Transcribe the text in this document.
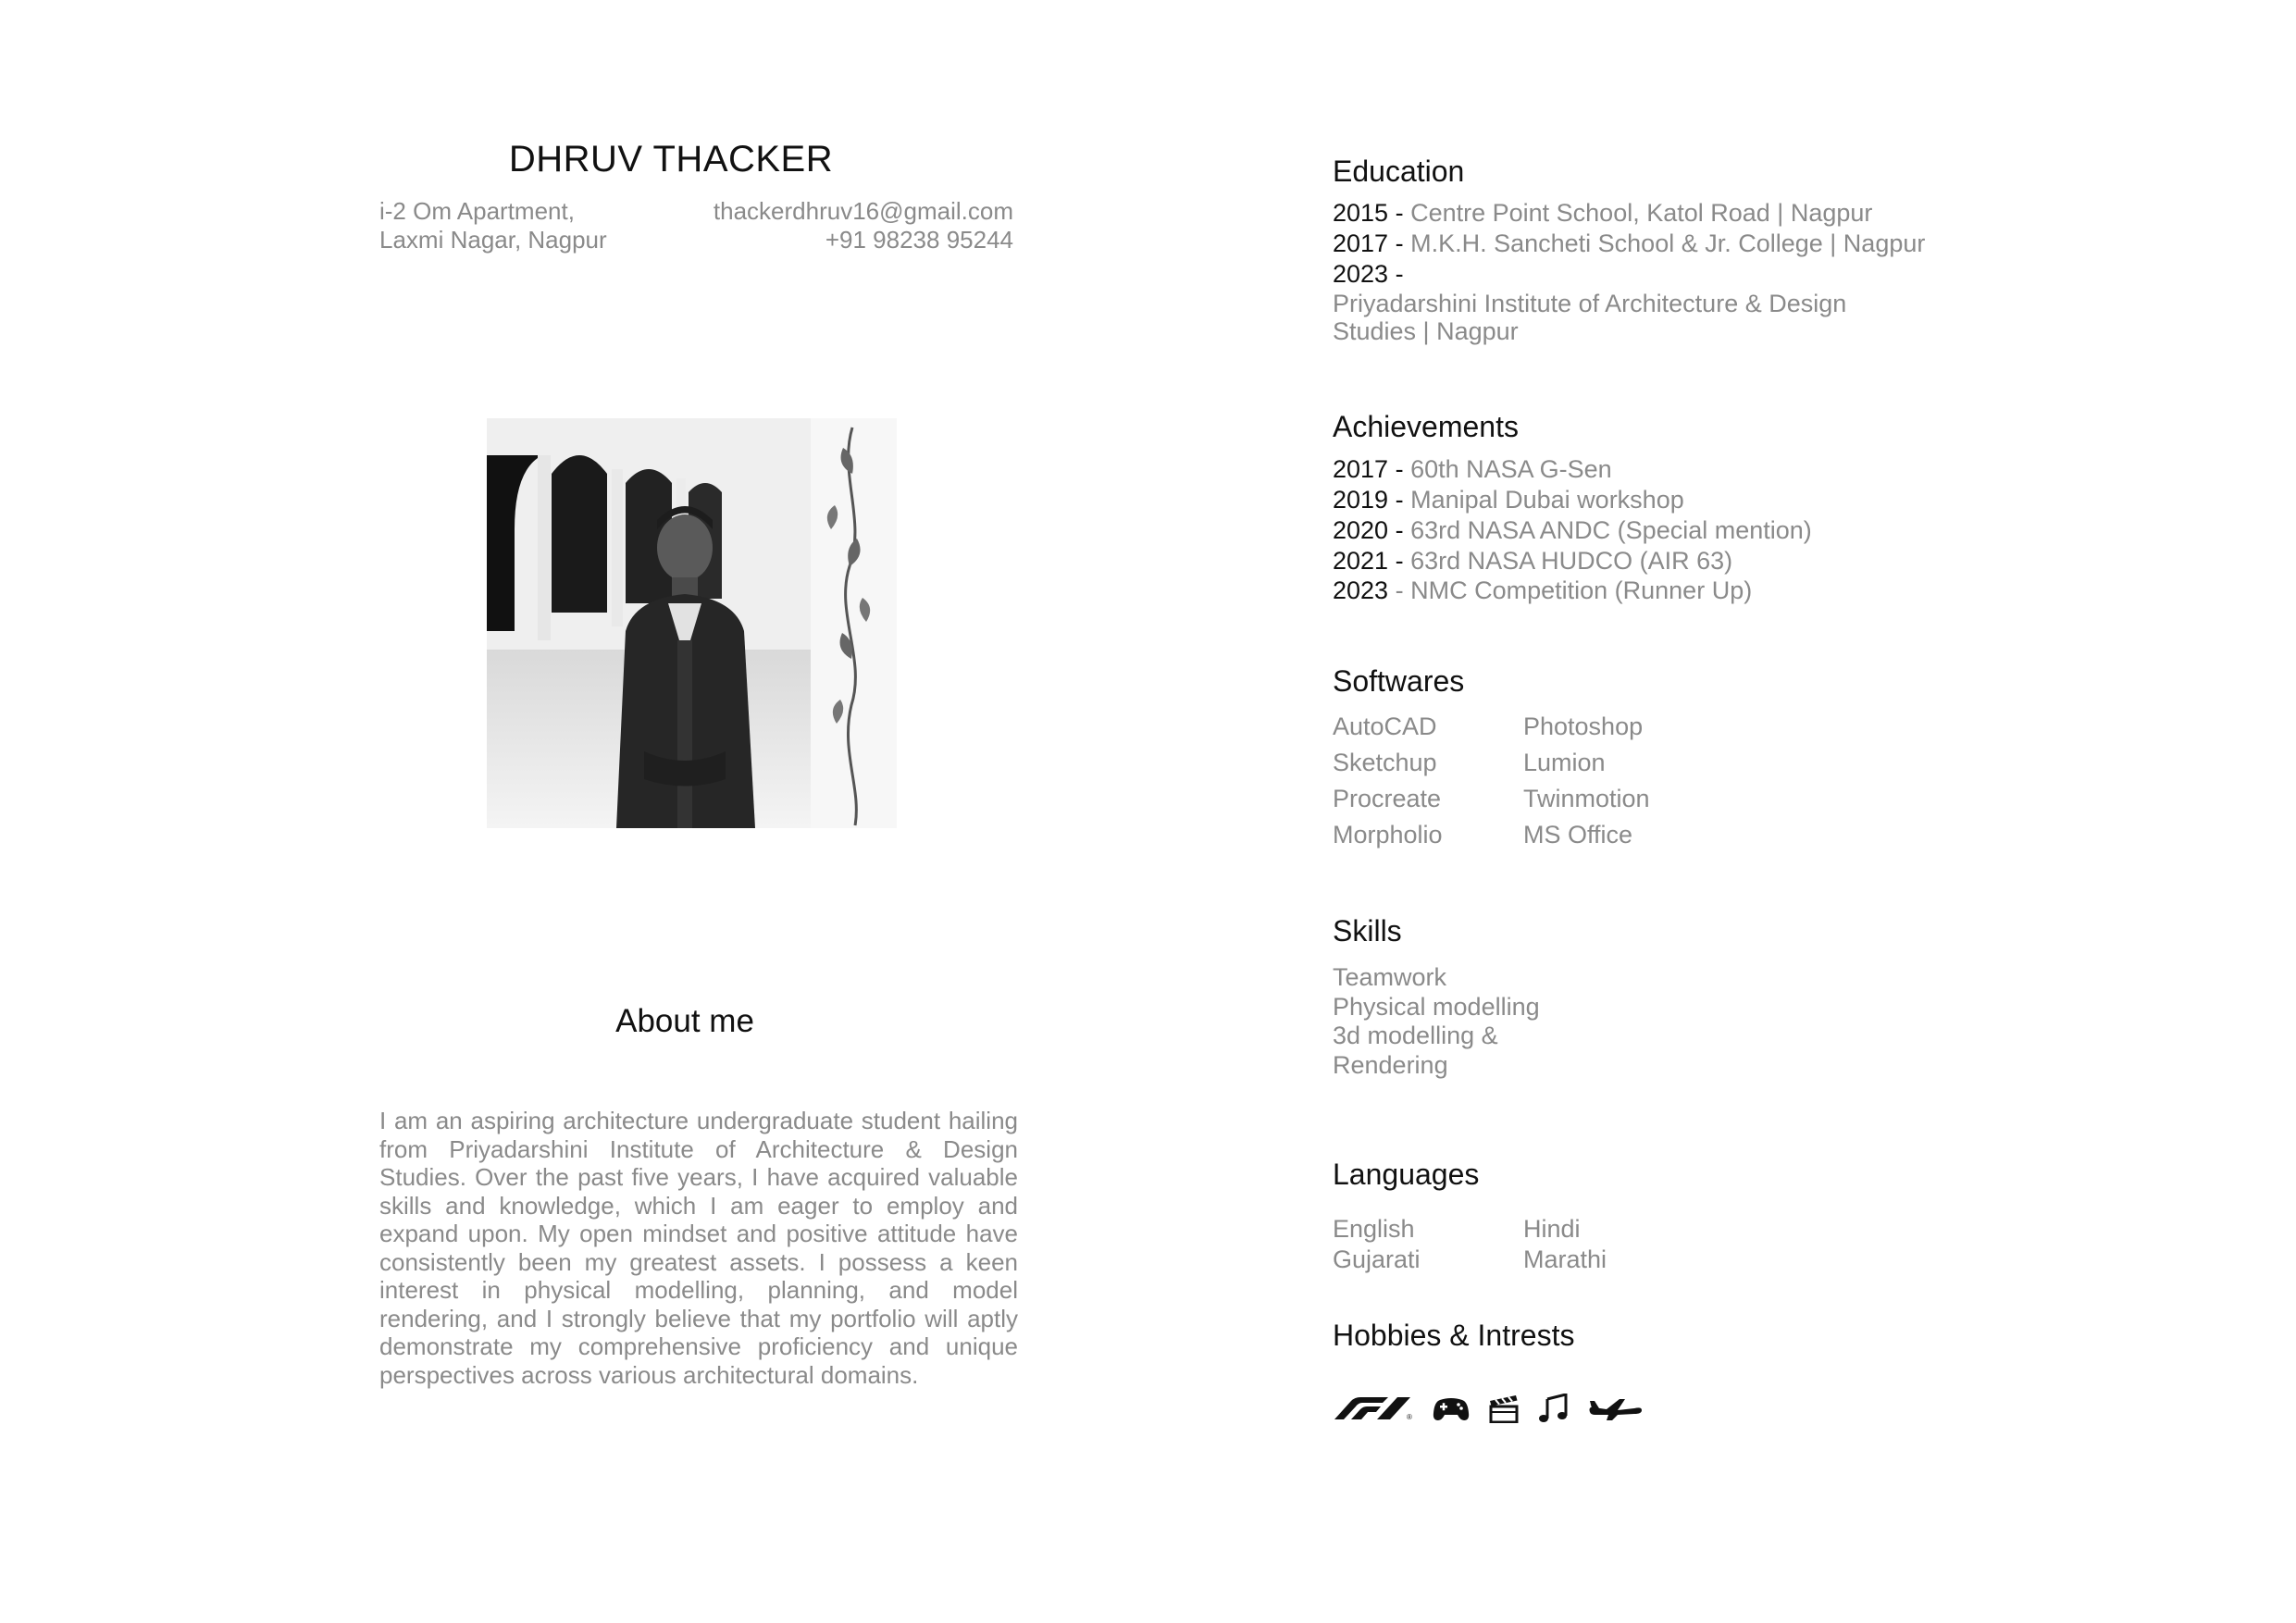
DHRUV THACKER
i-2 Om Apartment,
Laxmi Nagar, Nagpur
thackerdhruv16@gmail.com
+91 98238 95244
About me
I am an aspiring architecture undergraduate student hailing from Priyadarshini Institute of Architecture & Design Studies. Over the past five years, I have acquired valuable skills and knowledge, which I am eager to employ and expand upon. My open mindset and positive attitude have consistently been my greatest assets. I possess a keen interest in physical modelling, planning, and model rendering, and I strongly believe that my portfolio will aptly demonstrate my comprehensive proficiency and unique perspectives across various architectural domains.
Education
2015 - Centre Point School, Katol Road | Nagpur
2017 - M.K.H. Sancheti School & Jr. College | Nagpur
2023 -
Priyadarshini Institute of Architecture & Design
Studies | Nagpur
Achievements
2017 - 60th NASA G-Sen
2019 - Manipal Dubai workshop
2020 - 63rd NASA ANDC (Special mention)
2021 - 63rd NASA HUDCO (AIR 63)
2023 - NMC Competition (Runner Up)
Softwares
AutoCAD	Photoshop
Sketchup	Lumion
Procreate	Twinmotion
Morpholio	MS Office
Skills
Teamwork
Physical modelling
3d modelling &
Rendering
Languages
English	Hindi
Gujarati	Marathi
Hobbies & Intrests
®
